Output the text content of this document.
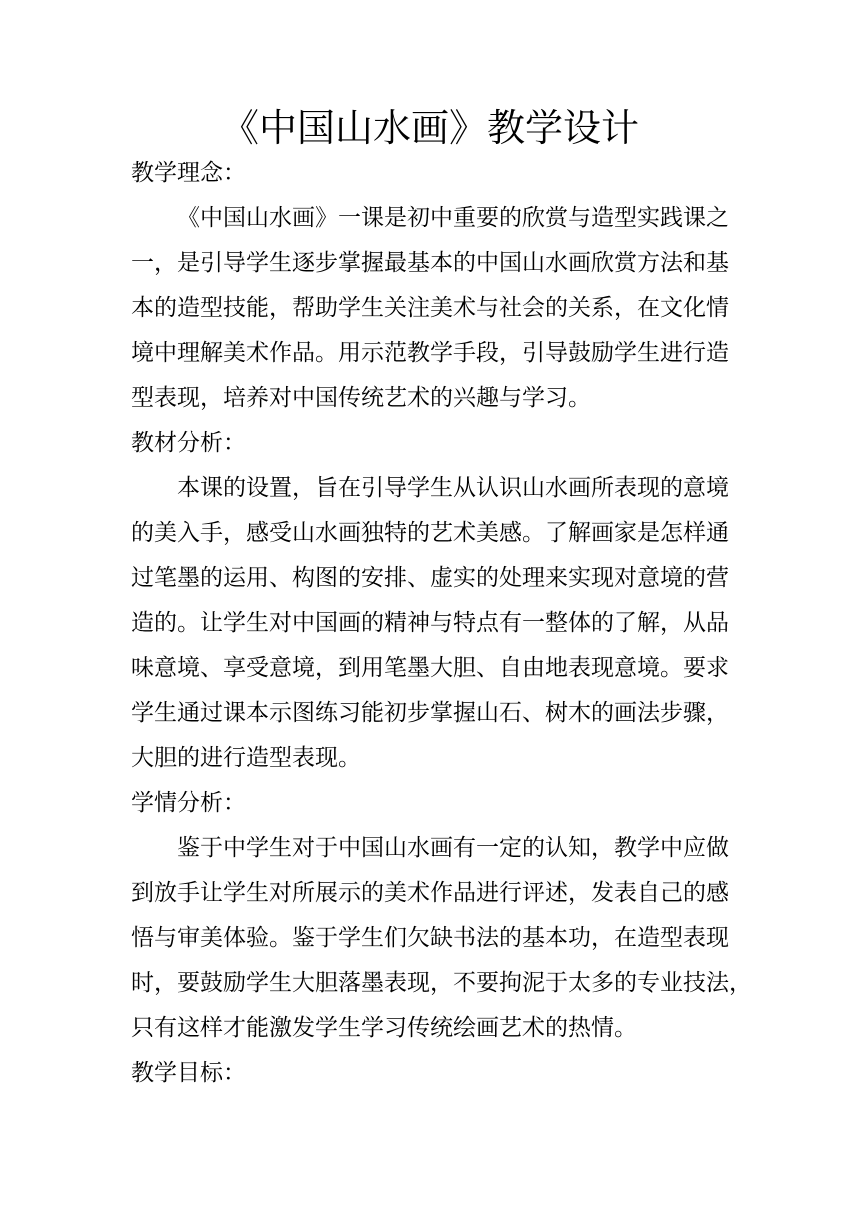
《中国山水画》教学设计

教学理念：

《中国山水画》一课是初中重要的欣赏与造型实践课之

一，是引导学生逐步掌握最基本的中国山水画欣赏方法和基

本的造型技能，帮助学生关注美术与社会的关系，在文化情

境中理解美术作品。用示范教学手段，引导鼓励学生进行造

型表现，培养对中国传统艺术的兴趣与学习。

教材分析：

本课的设置，旨在引导学生从认识山水画所表现的意境

的美入手，感受山水画独特的艺术美感。了解画家是怎样通

过笔墨的运用、构图的安排、虚实的处理来实现对意境的营

造的。让学生对中国画的精神与特点有一整体的了解，从品

味意境、享受意境，到用笔墨大胆、自由地表现意境。要求

学生通过课本示图练习能初步掌握山石、树木的画法步骤，

大胆的进行造型表现。

学情分析：

鉴于中学生对于中国山水画有一定的认知，教学中应做

到放手让学生对所展示的美术作品进行评述，发表自己的感

悟与审美体验。鉴于学生们欠缺书法的基本功，在造型表现

时，要鼓励学生大胆落墨表现，不要拘泥于太多的专业技法，

只有这样才能激发学生学习传统绘画艺术的热情。

教学目标：
